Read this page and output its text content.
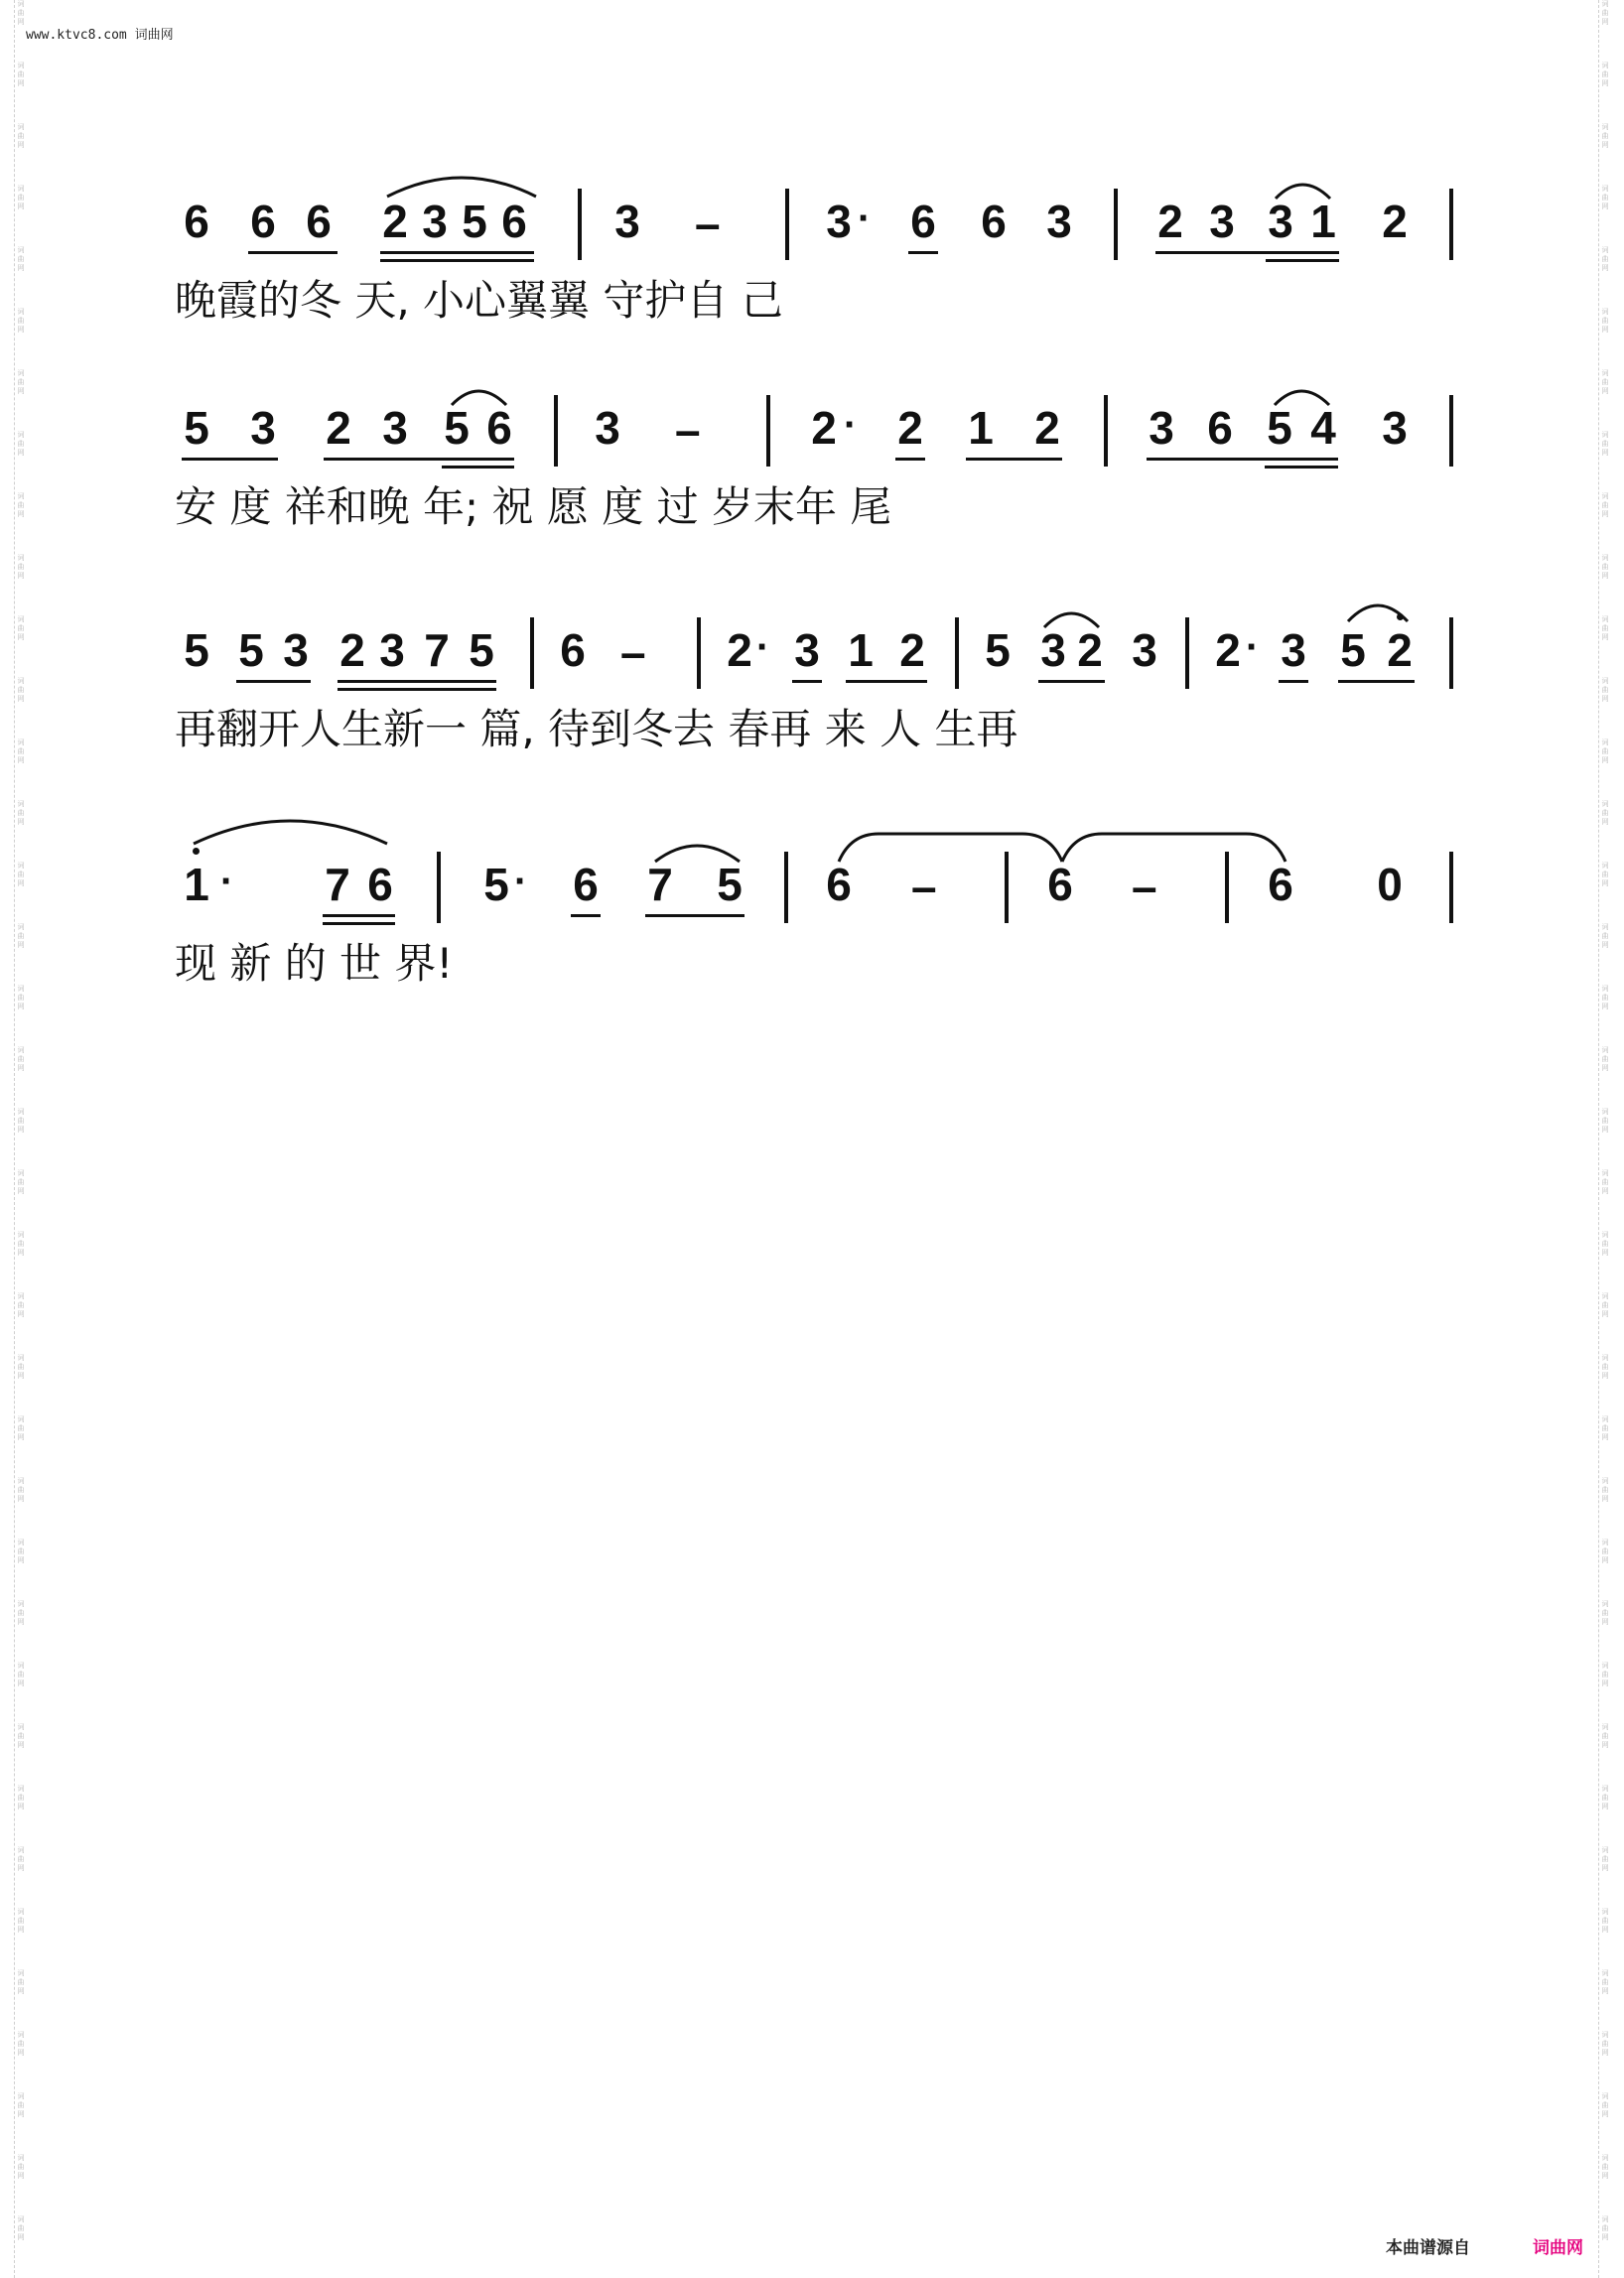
词
曲
网
词
曲
网
词
曲
网
词
曲
网
词
曲
网
词
曲
网
词
曲
网
词
曲
网
词
曲
网
词
曲
网
词
曲
网
词
曲
网
词
曲
网
词
曲
网
词
曲
网
词
曲
网
词
曲
网
词
曲
网
词
曲
网
词
曲
网
词
曲
网
词
曲
网
词
曲
网
词
曲
网
词
曲
网
词
曲
网
词
曲
网
词
曲
网
词
曲
网
词
曲
网
词
曲
网
词
曲
网
词
曲
网
词
曲
网
词
曲
网
词
曲
网
词
曲
网
词
曲
网
词
曲
网
词
曲
网
词
曲
网
词
曲
网
词
曲
网
词
曲
网
词
曲
网
词
曲
网
词
曲
网
词
曲
网
词
曲
网
词
曲
网
词
曲
网
词
曲
网
词
曲
网
词
曲
网
词
曲
网
词
曲
网
词
曲
网
词
曲
网
词
曲
网
词
曲
网
词
曲
网
词
曲
网
词
曲
网
词
曲
网
词
曲
网
词
曲
网
词
曲
网
词
曲
网
词
曲
网
词
曲
网
词
曲
网
词
曲
网
词
曲
网
词
曲
网
www.ktvc8.com 词曲网
6 6 6 2 3 5 6 3 – 3 · 6 6 3 2 3 3 1 2
晚霞的冬 天, 小心翼翼 守护自 己
5 3 2 3 5 6 3 – 2 · 2 1 2 3 6 5 4 3
安 度 祥和晚 年; 祝 愿 度 过 岁末年 尾
5 5 3 2 3 7 5 6 – 2 · 3 1 2 5 3 2 3 2 · 3 5 2
再翻开人生新一 篇, 待到冬去 春再 来 人 生再
1 · 7 6 5 · 6 7 5 6 – 6 – 6 0
现 新 的 世 界!
本曲谱源自	词曲网
